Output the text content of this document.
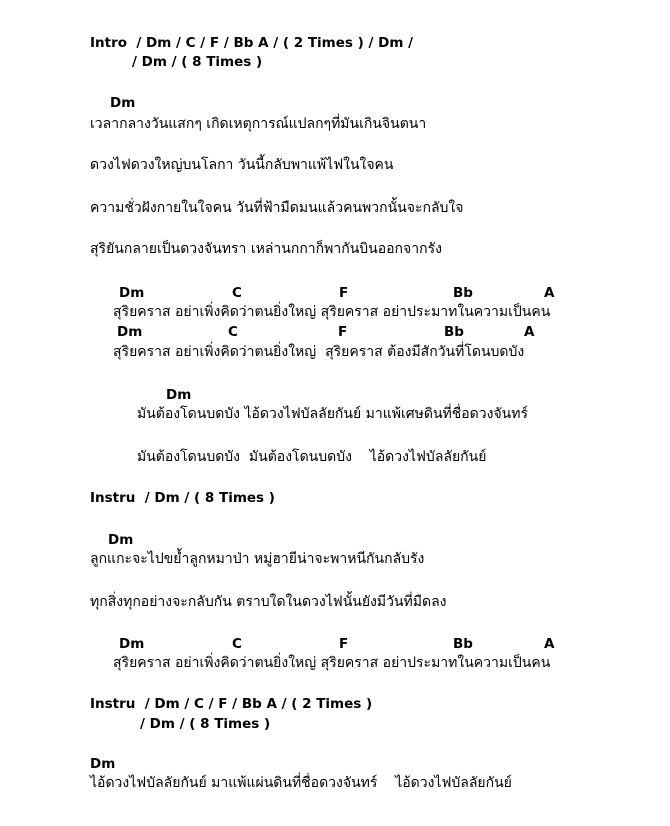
Intro  / Dm / C / F / Bb A / ( 2 Times ) / Dm /
/ Dm / ( 8 Times )
Dm
เวลากลางวันแสกๆ เกิดเหตุการณ์แปลกๆที่มันเกินจินตนา
ดวงไฟดวงใหญ่บนโลกา วันนี้กลับพาแพ้ไฟในใจคน
ความชั่วฝังกายในใจคน วันที่ฟ้ามืดมนแล้วคนพวกนั้นจะกลับใจ
สุริยันกลายเป็นดวงจันทรา เหล่านกกาก็พากันบินออกจากรัง
Dm	C	F	Bb	A
สุริยคราส อย่าเพิ่งคิดว่าตนยิ่งใหญ่ สุริยคราส อย่าประมาทในความเป็นคน
Dm	C	F	Bb	A
สุริยคราส อย่าเพิ่งคิดว่าตนยิ่งใหญ่  สุริยคราส ต้องมีสักวันที่โดนบดบัง
Dm
มันต้องโดนบดบัง ไอ้ดวงไฟบัลลัยกันย์ มาแพ้เศษดินที่ชื่อดวงจันทร์
มันต้องโดนบดบัง  มันต้องโดนบดบัง    ไอ้ดวงไฟบัลลัยกันย์
Instru  / Dm / ( 8 Times )
Dm
ลูกแกะจะไปขย้ำลูกหมาป่า หมู่ฮายีน่าจะพาหนีกันกลับรัง
ทุกสิ่งทุกอย่างจะกลับกัน ตราบใดในดวงไฟนั้นยังมีวันที่มืดลง
Dm	C	F	Bb	A
สุริยคราส อย่าเพิ่งคิดว่าตนยิ่งใหญ่ สุริยคราส อย่าประมาทในความเป็นคน
Instru  / Dm / C / F / Bb A / ( 2 Times )
/ Dm / ( 8 Times )
Dm
ไอ้ดวงไฟบัลลัยกันย์ มาแพ้แผ่นดินที่ชื่อดวงจันทร์    ไอ้ดวงไฟบัลลัยกันย์
